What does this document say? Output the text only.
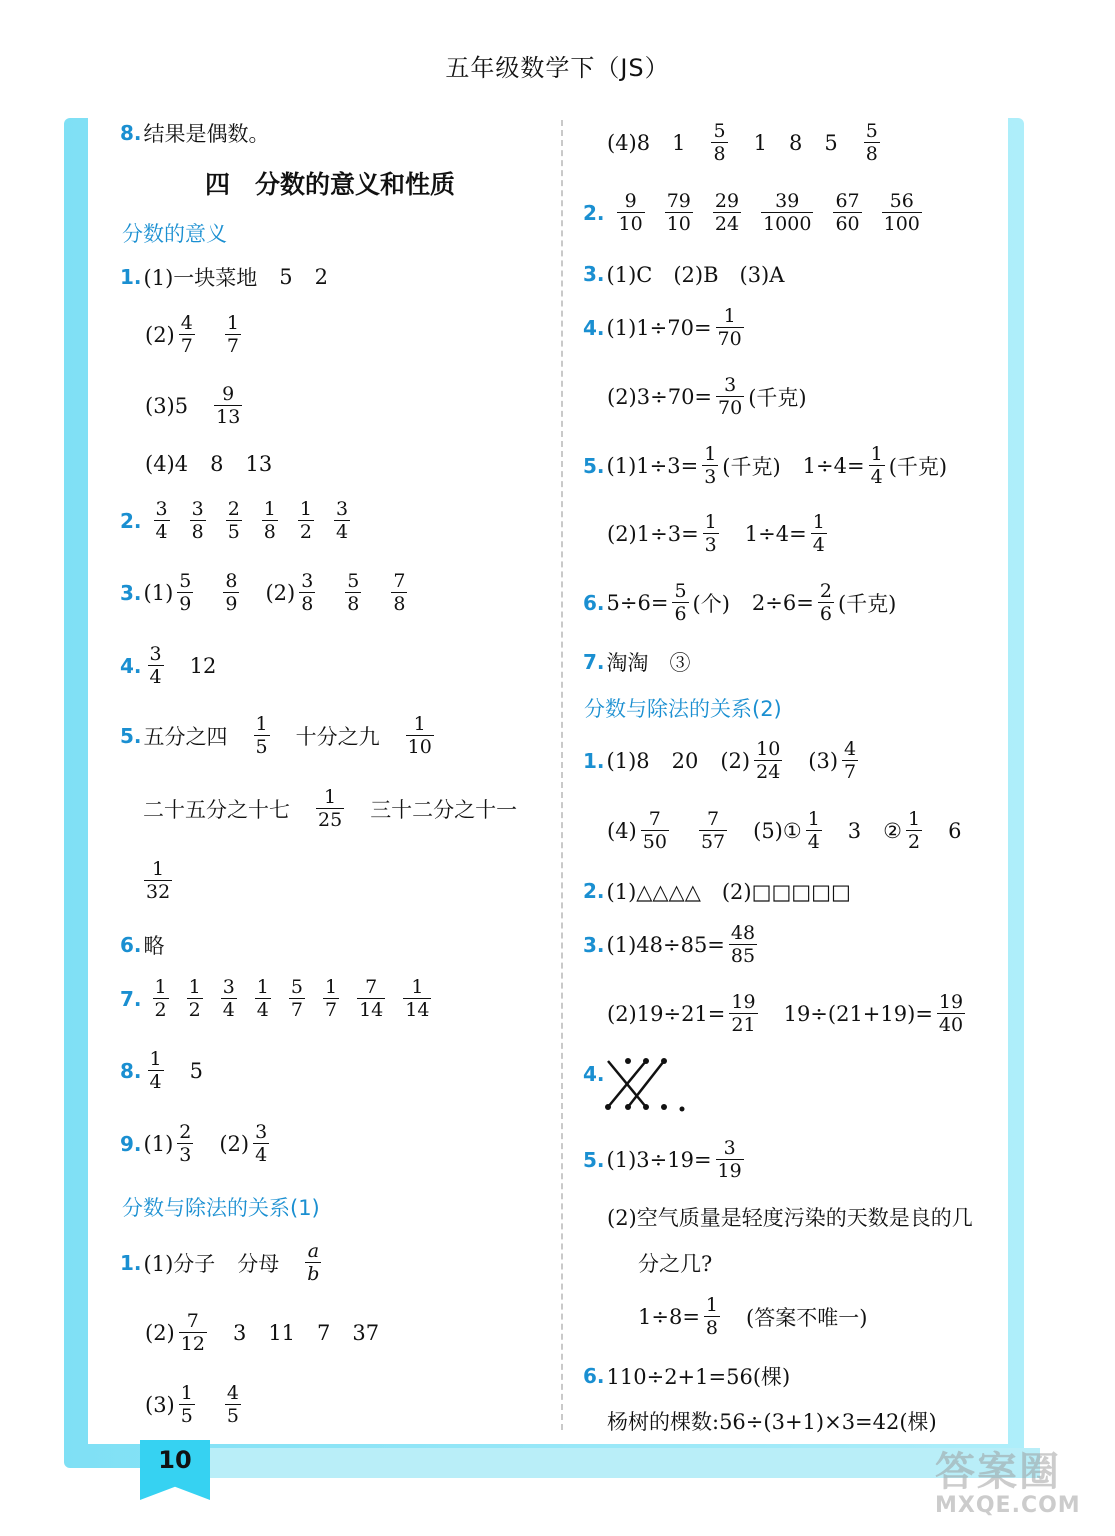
五年级数学下（JS）
8. 结果是偶数。
四　分数的意义和性质
分数的意义
1. (1)一块菜地 5 2
$(2) \frac{4}{7} \frac{1}{7}$
$(3)5 \frac{9}{13}$
(4)4 8 13
2. $\frac{3}{4} \frac{3}{8} \frac{2}{5} \frac{1}{8} \frac{1}{2} \frac{3}{4}$
3. $(1) \frac{5}{9} \frac{8}{9} (2) \frac{3}{8} \frac{5}{8} \frac{7}{8}$
4. $\frac{3}{4} 12$
5. 五分之四 $\frac{1}{5}$ 十分之九 $\frac{1}{10}$
二十五分之十七 $\frac{1}{25}$ 三十二分之十一
$\frac{1}{32}$
6. 略
7. $\frac{1}{2} \frac{1}{2} \frac{3}{4} \frac{1}{4} \frac{5}{7} \frac{1}{7} \frac{7}{14} \frac{1}{14}$
8. $\frac{1}{4} 5$
9. $(1) \frac{2}{3} (2) \frac{3}{4}$
分数与除法的关系(1)
1. (1)分子 分母 $\frac{a}{b}$
$(2) \frac{7}{12} 3$ 11 7 37
$(3) \frac{1}{5} \frac{4}{5}$
(4)8 $1 \frac{5}{8} 1$ 8 $5 \frac{5}{8}$
2. $\frac{9}{10} \frac{79}{10} \frac{29}{24} \frac{39}{1000} \frac{67}{60} \frac{56}{100}$
3. (1)C　(2)B　(3)A
4. $(1)1\div 70= \frac{1}{70}$
$(2)3\div 70= \frac{3}{70}$ (千克)
5. $(1)1\div 3= \frac{1}{3}$ (千克) $1\div 4= \frac{1}{4}$ (千克)
$(2)1\div 3= \frac{1}{3} 1\div 4= \frac{1}{4}$
6. $5\div 6= \frac{5}{6}$ (个) $2\div 6= \frac{2}{6}$ (千克)
7. 淘淘　③
分数与除法的关系(2)
1. (1)8 20 $(2) \frac{10}{24} (3) \frac{4}{7}$
$(4) \frac{7}{50} \frac{7}{57}$ (5)① $\frac{1}{4} 3$ ② $\frac{1}{2} 6$
2. (1)△△△△　(2)□□□□□
3. $(1)48\div 85= \frac{48}{85}$
$(2)19\div 21= \frac{19}{21} 19\div(21+19)= \frac{19}{40}$
4.
5. $(1)3\div 19= \frac{3}{19}$
(2)空气质量是轻度污染的天数是良的几
分之几?
$1\div 8= \frac{1}{8}$ (答案不唯一)
6. 110÷2+1=56(棵)
杨树的棵数:56÷(3+1)×3=42(棵)
10	答案圈
MXQE.COM
